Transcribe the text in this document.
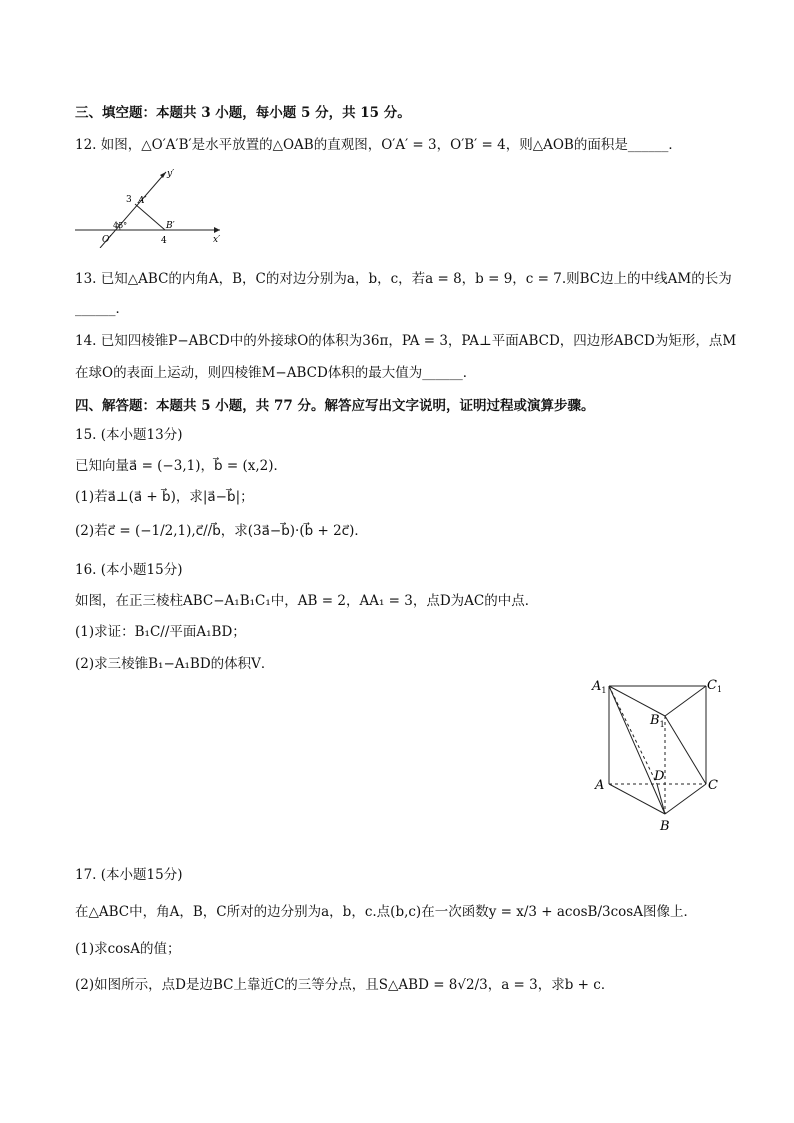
三、填空题：本题共 3 小题，每小题 5 分，共 15 分。
12. 如图，△O′A′B′是水平放置的△OAB的直观图，O′A′ = 3，O′B′ = 4，则△AOB的面积是______．
y′
x′
A′
B′
O′
3
4
45°
13. 已知△ABC的内角A，B，C的对边分别为a，b，c，若a = 8，b = 9，c = 7.则BC边上的中线AM的长为
______．
14. 已知四棱锥P−ABCD中的外接球O的体积为36π，PA = 3，PA⊥平面ABCD，四边形ABCD为矩形，点M
在球O的表面上运动，则四棱锥M−ABCD体积的最大值为______．
四、解答题：本题共 5 小题，共 77 分。解答应写出文字说明，证明过程或演算步骤。
15. (本小题13分)
已知向量a⃗ = (−3,1)，b⃗ = (x,2)．
(1)若a⃗⊥(a⃗ + b⃗)，求|a⃗−b⃗|；
(2)若c⃗ = (−1/2,1),c⃗//b⃗，求(3a⃗−b⃗)·(b⃗ + 2c⃗)．
16. (本小题15分)
如图，在正三棱柱ABC−A₁B₁C₁中，AB = 2，AA₁ = 3，点D为AC的中点．
(1)求证：B₁C//平面A₁BD；
(2)求三棱锥B₁−A₁BD的体积V．
$A_1$	$C_1$
$B_1$
D
A	C
B
17. (本小题15分)
在△ABC中，角A，B，C所对的边分别为a，b，c.点(b,c)在一次函数y = x/3 + acosB/3cosA图像上．
(1)求cosA的值；
(2)如图所示，点D是边BC上靠近C的三等分点，且S△ABD = 8√2/3，a = 3，求b + c．
